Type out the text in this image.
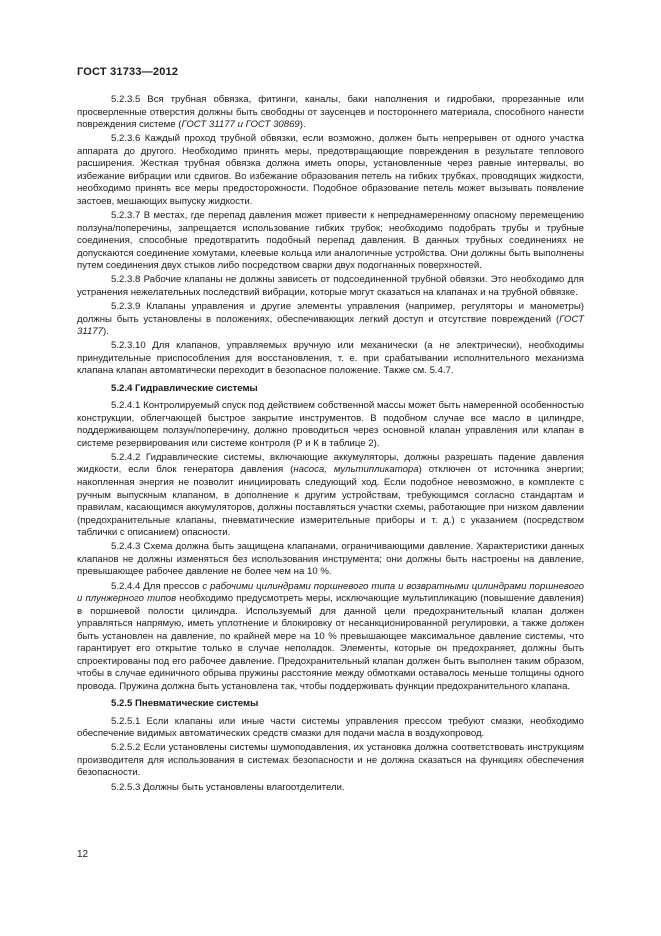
ГОСТ 31733—2012
5.2.3.5 Вся трубная обвязка, фитинги, каналы, баки наполнения и гидробаки, прорезанные или просверленные отверстия должны быть свободны от заусенцев и постороннего материала, способного нанести повреждения системе (ГОСТ 31177 и ГОСТ 30869).
5.2.3.6 Каждый проход трубной обвязки, если возможно, должен быть непрерывен от одного участка аппарата до другого. Необходимо принять меры, предотвращающие повреждения в результате теплового расширения. Жесткая трубная обвязка должна иметь опоры, установленные через равные интервалы, во избежание вибрации или сдвигов. Во избежание образования петель на гибких трубках, проводящих жидкости, необходимо принять все меры предосторожности. Подобное образование петель может вызывать появление застоев, мешающих выпуску жидкости.
5.2.3.7 В местах, где перепад давления может привести к непреднамеренному опасному перемещению ползуна/поперечины, запрещается использование гибких трубок; необходимо подобрать трубы и трубные соединения, способные предотвратить подобный перепад давления. В данных трубных соединениях не допускаются соединение хомутами, клеевые кольца или аналогичные устройства. Они должны быть выполнены путем соединения двух стыков либо посредством сварки двух подогнанных поверхностей.
5.2.3.8 Рабочие клапаны не должны зависеть от подсоединенной трубной обвязки. Это необходимо для устранения нежелательных последствий вибрации, которые могут сказаться на клапанах и на трубной обвязке.
5.2.3.9 Клапаны управления и другие элементы управления (например, регуляторы и манометры) должны быть установлены в положениях, обеспечивающих легкий доступ и отсутствие повреждений (ГОСТ 31177).
5.2.3.10 Для клапанов, управляемых вручную или механически (а не электрически), необходимы принудительные приспособления для восстановления, т. е. при срабатывании исполнительного механизма клапана клапан автоматически переходит в безопасное положение. Также см. 5.4.7.
5.2.4 Гидравлические системы
5.2.4.1 Контролируемый спуск под действием собственной массы может быть намеренной особенностью конструкции, облегчающей быстрое закрытие инструментов. В подобном случае все масло в цилиндре, поддерживающем ползун/поперечину, должно проводиться через основной клапан управления или клапан в системе резервирования или системе контроля (Р и К в таблице 2).
5.2.4.2 Гидравлические системы, включающие аккумуляторы, должны разрешать падение давления жидкости, если блок генератора давления (насоса, мультипликатора) отключен от источника энергии; накопленная энергия не позволит инициировать следующий ход. Если подобное невозможно, в комплекте с ручным выпускным клапаном, в дополнение к другим устройствам, требующимся согласно стандартам и правилам, касающимся аккумуляторов, должны поставляться участки схемы, работающие при низком давлении (предохранительные клапаны, пневматические измерительные приборы и т. д.) с указанием (посредством таблички с описанием) опасности.
5.2.4.3 Схема должна быть защищена клапанами, ограничивающими давление. Характеристики данных клапанов не должны изменяться без использования инструмента; они должны быть настроены на давление, превышающее рабочее давление не более чем на 10 %.
5.2.4.4 Для прессов с рабочими цилиндрами поршневого типа и возвратными цилиндрами поршневого и плунжерного типов необходимо предусмотреть меры, исключающие мультипликацию (повышение давления) в поршневой полости цилиндра. Используемый для данной цели предохранительный клапан должен управляться напрямую, иметь уплотнение и блокировку от несанкционированной регулировки, а также должен быть установлен на давление, по крайней мере на 10 % превышающее максимальное давление системы, что гарантирует его открытие только в случае неполадок. Элементы, которые он предохраняет, должны быть спроектированы под его рабочее давление. Предохранительный клапан должен быть выполнен таким образом, чтобы в случае единичного обрыва пружины расстояние между обмотками оставалось меньше толщины одного провода. Пружина должна быть установлена так, чтобы поддерживать функции предохранительного клапана.
5.2.5 Пневматические системы
5.2.5.1 Если клапаны или иные части системы управления прессом требуют смазки, необходимо обеспечение видимых автоматических средств смазки для подачи масла в воздухопровод.
5.2.5.2 Если установлены системы шумоподавления, их установка должна соответствовать инструкциям производителя для использования в системах безопасности и не должна сказаться на функциях обеспечения безопасности.
5.2.5.3 Должны быть установлены влагоотделители.
12
